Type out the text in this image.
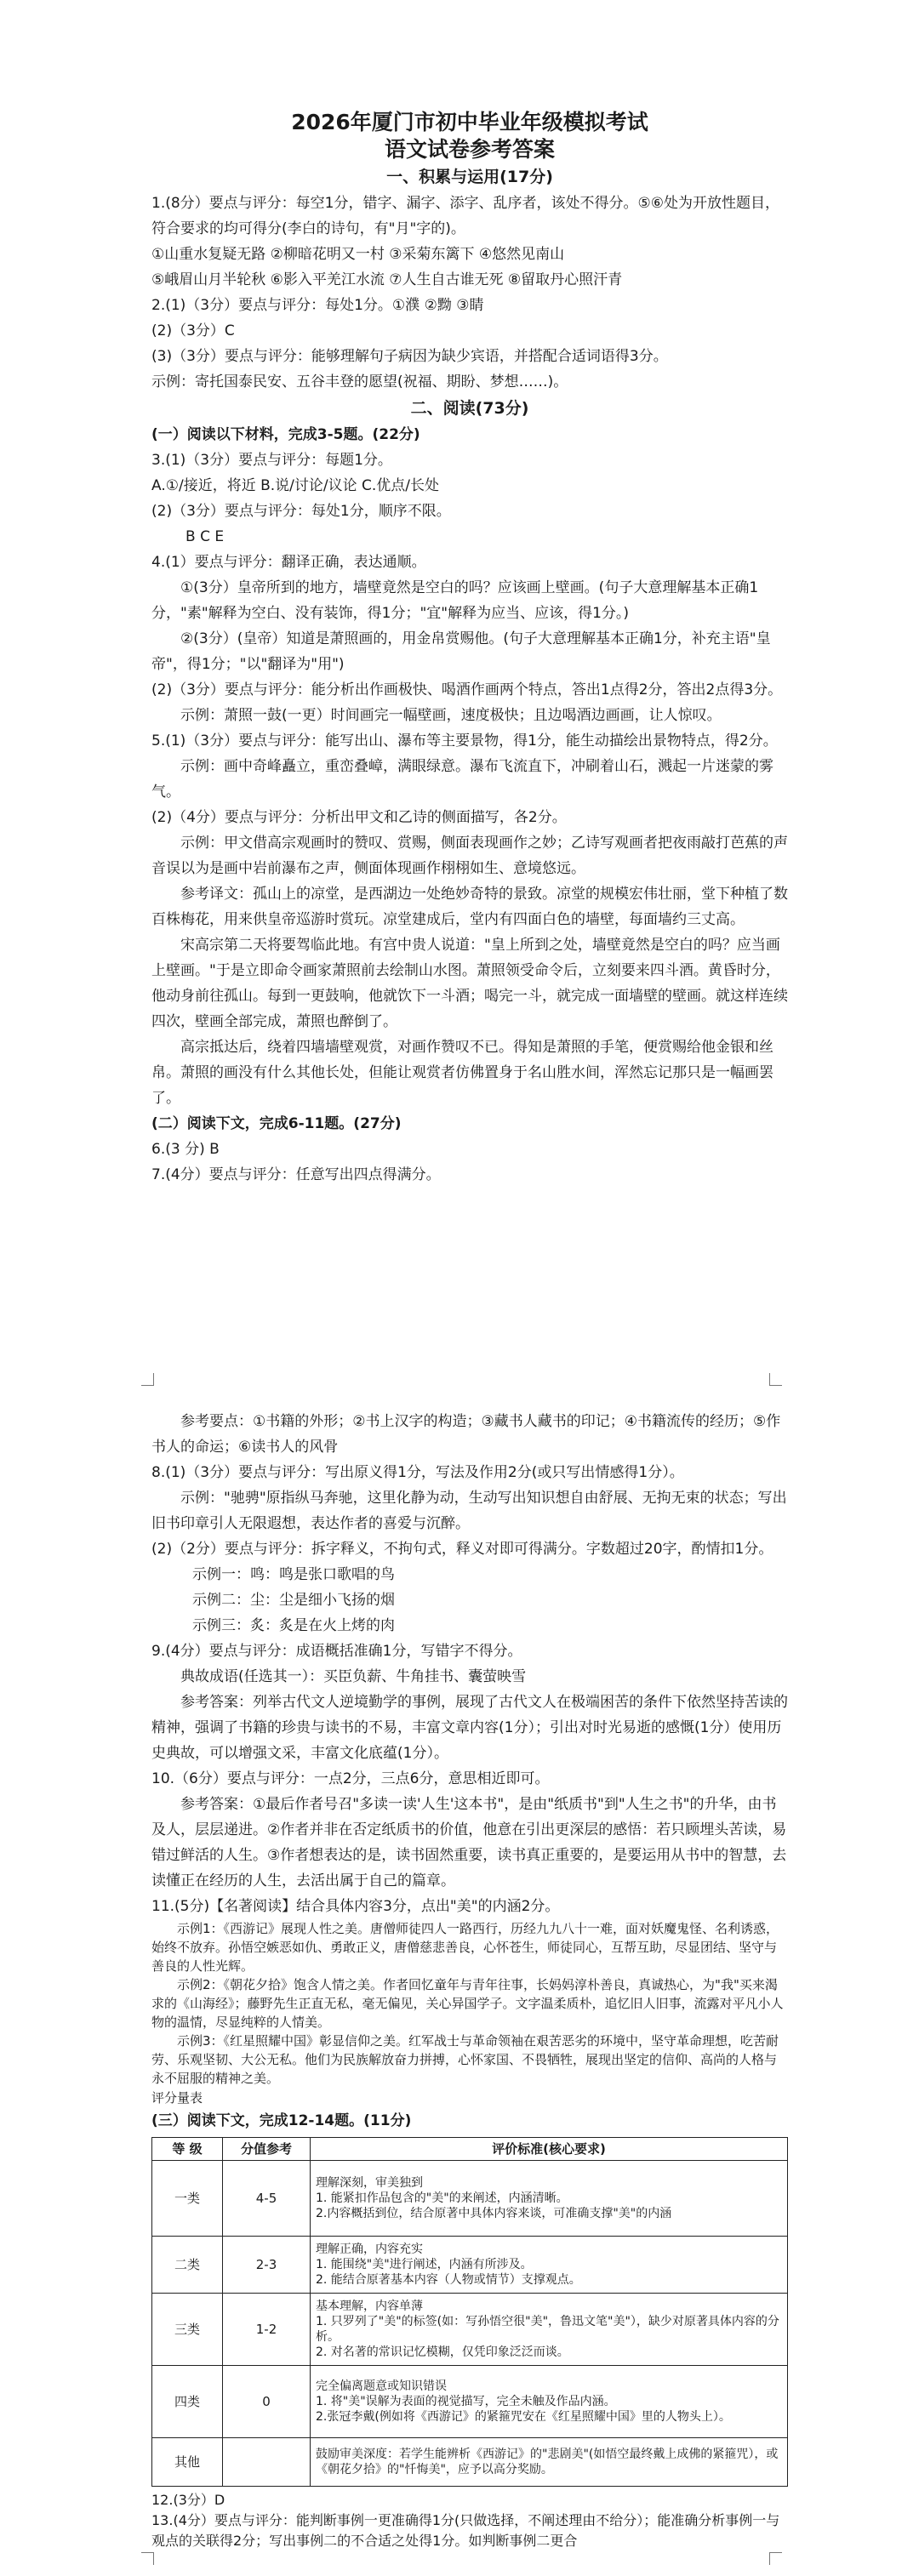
2026年厦门市初中毕业年级模拟考试

语文试卷参考答案

一、积累与运用(17分)

1.(8分）要点与评分：每空1分，错字、漏字、添字、乱序者，该处不得分。⑤⑥处为开放性题目，符合要求的均可得分(李白的诗句，有"月"字的)。

①山重水复疑无路 ②柳暗花明又一村 ③采菊东篱下 ④悠然见南山

⑤峨眉山月半轮秋 ⑥影入平羌江水流 ⑦人生自古谁无死 ⑧留取丹心照汗青

2.(1)（3分）要点与评分：每处1分。①濮 ②黝 ③睛

(2)（3分）C

(3)（3分）要点与评分：能够理解句子病因为缺少宾语，并搭配合适词语得3分。

示例：寄托国泰民安、五谷丰登的愿望(祝福、期盼、梦想……)。

二、阅读(73分)

(一）阅读以下材料，完成3-5题。(22分)

3.(1)（3分）要点与评分：每题1分。

A.①/接近，将近 B.说/讨论/议论 C.优点/长处

(2)（3分）要点与评分：每处1分，顺序不限。

B C E

4.(1）要点与评分：翻译正确，表达通顺。

①(3分）皇帝所到的地方，墙壁竟然是空白的吗？应该画上壁画。(句子大意理解基本正确1分，"素"解释为空白、没有装饰，得1分；"宜"解释为应当、应该，得1分。)

②(3分）(皇帝）知道是萧照画的，用金帛赏赐他。(句子大意理解基本正确1分，补充主语"皇帝"，得1分；"以"翻译为"用")

(2)（3分）要点与评分：能分析出作画极快、喝酒作画两个特点，答出1点得2分，答出2点得3分。

示例：萧照一鼓(一更）时间画完一幅壁画，速度极快；且边喝酒边画画，让人惊叹。

5.(1)（3分）要点与评分：能写出山、瀑布等主要景物，得1分，能生动描绘出景物特点，得2分。

示例：画中奇峰矗立，重峦叠嶂，满眼绿意。瀑布飞流直下，冲刷着山石，溅起一片迷蒙的雾气。

(2)（4分）要点与评分：分析出甲文和乙诗的侧面描写，各2分。

示例：甲文借高宗观画时的赞叹、赏赐，侧面表现画作之妙；乙诗写观画者把夜雨敲打芭蕉的声音误以为是画中岩前瀑布之声，侧面体现画作栩栩如生、意境悠远。

参考译文：孤山上的凉堂，是西湖边一处绝妙奇特的景致。凉堂的规模宏伟壮丽，堂下种植了数百株梅花，用来供皇帝巡游时赏玩。凉堂建成后，堂内有四面白色的墙壁，每面墙约三丈高。

宋高宗第二天将要驾临此地。有宫中贵人说道："皇上所到之处，墙壁竟然是空白的吗？应当画上壁画。"于是立即命令画家萧照前去绘制山水图。萧照领受命令后，立刻要来四斗酒。黄昏时分，他动身前往孤山。每到一更鼓响，他就饮下一斗酒；喝完一斗，就完成一面墙壁的壁画。就这样连续四次，壁画全部完成，萧照也醉倒了。

高宗抵达后，绕着四墙墙壁观赏，对画作赞叹不已。得知是萧照的手笔，便赏赐给他金银和丝帛。萧照的画没有什么其他长处，但能让观赏者仿佛置身于名山胜水间，浑然忘记那只是一幅画罢了。

(二）阅读下文，完成6-11题。(27分)

6.(3 分) B

7.(4分）要点与评分：任意写出四点得满分。

参考要点：①书籍的外形；②书上汉字的构造；③藏书人藏书的印记；④书籍流传的经历；⑤作书人的命运；⑥读书人的风骨

8.(1)（3分）要点与评分：写出原义得1分，写法及作用2分(或只写出情感得1分）。

示例："驰骋"原指纵马奔驰，这里化静为动，生动写出知识想自由舒展、无拘无束的状态；写出旧书印章引人无限遐想，表达作者的喜爱与沉醉。

(2)（2分）要点与评分：拆字释义，不拘句式，释义对即可得满分。字数超过20字，酌情扣1分。

示例一：鸣：鸣是张口歌唱的鸟

示例二：尘：尘是细小飞扬的烟

示例三：炙：炙是在火上烤的肉

9.(4分）要点与评分：成语概括准确1分，写错字不得分。

典故成语(任选其一）：买臣负薪、牛角挂书、囊萤映雪

参考答案：列举古代文人逆境勤学的事例，展现了古代文人在极端困苦的条件下依然坚持苦读的精神，强调了书籍的珍贵与读书的不易，丰富文章内容(1分）；引出对时光易逝的感慨(1分）使用历史典故，可以增强文采，丰富文化底蕴(1分）。

10.（6分）要点与评分：一点2分，三点6分，意思相近即可。

参考答案：①最后作者号召"多读一读'人生'这本书"，是由"纸质书"到"人生之书"的升华，由书及人，层层递进。②作者并非在否定纸质书的价值，他意在引出更深层的感悟：若只顾埋头苦读，易错过鲜活的人生。③作者想表达的是，读书固然重要，读书真正重要的，是要运用从书中的智慧，去读懂正在经历的人生，去活出属于自己的篇章。

11.(5分)【名著阅读】结合具体内容3分，点出"美"的内涵2分。

示例1：《西游记》展现人性之美。唐僧师徒四人一路西行，历经九九八十一难，面对妖魔鬼怪、名利诱惑，始终不放弃。孙悟空嫉恶如仇、勇敢正义，唐僧慈悲善良，心怀苍生，师徒同心，互帮互助，尽显团结、坚守与善良的人性光辉。

示例2：《朝花夕拾》饱含人情之美。作者回忆童年与青年往事，长妈妈淳朴善良，真诚热心，为"我"买来渴求的《山海经》；藤野先生正直无私，毫无偏见，关心异国学子。文字温柔质朴，追忆旧人旧事，流露对平凡小人物的温情，尽显纯粹的人情美。

示例3：《红星照耀中国》彰显信仰之美。红军战士与革命领袖在艰苦恶劣的环境中，坚守革命理想，吃苦耐劳、乐观坚韧、大公无私。他们为民族解放奋力拼搏，心怀家国、不畏牺牲，展现出坚定的信仰、高尚的人格与永不屈服的精神之美。

评分量表

(三）阅读下文，完成12-14题。(11分)

等 级	分值参考	评价标准(核心要求)
一类	4-5	理解深刻，审美独到
1. 能紧扣作品包含的"美"的来阐述，内涵清晰。
2.内容概括到位，结合原著中具体内容来谈，可准确支撑"美"的内涵

二类	2-3	理解正确，内容充实
1. 能围绕"美"进行阐述，内涵有所涉及。
2. 能结合原著基本内容（人物或情节）支撑观点。

三类	1-2	基本理解，内容单薄
1. 只罗列了"美"的标签(如：写孙悟空很"美"，鲁迅文笔"美"），缺少对原著具体内容的分析。
2. 对名著的常识记忆模糊，仅凭印象泛泛而谈。

四类	0	完全偏离题意或知识错误
1. 将"美"误解为表面的视觉描写，完全未触及作品内涵。
2.张冠李戴(例如将《西游记》的紧箍咒安在《红星照耀中国》里的人物头上）。

其他		鼓励审美深度：若学生能辨析《西游记》的"悲剧美"(如悟空最终戴上成佛的紧箍咒），或《朝花夕拾》的"忏悔美"，应予以高分奖励。

12.(3分）D

13.(4分）要点与评分：能判断事例一更准确得1分(只做选择，不阐述理由不给分）；能准确分析事例一与观点的关联得2分；写出事例二的不合适之处得1分。如判断事例二更合
